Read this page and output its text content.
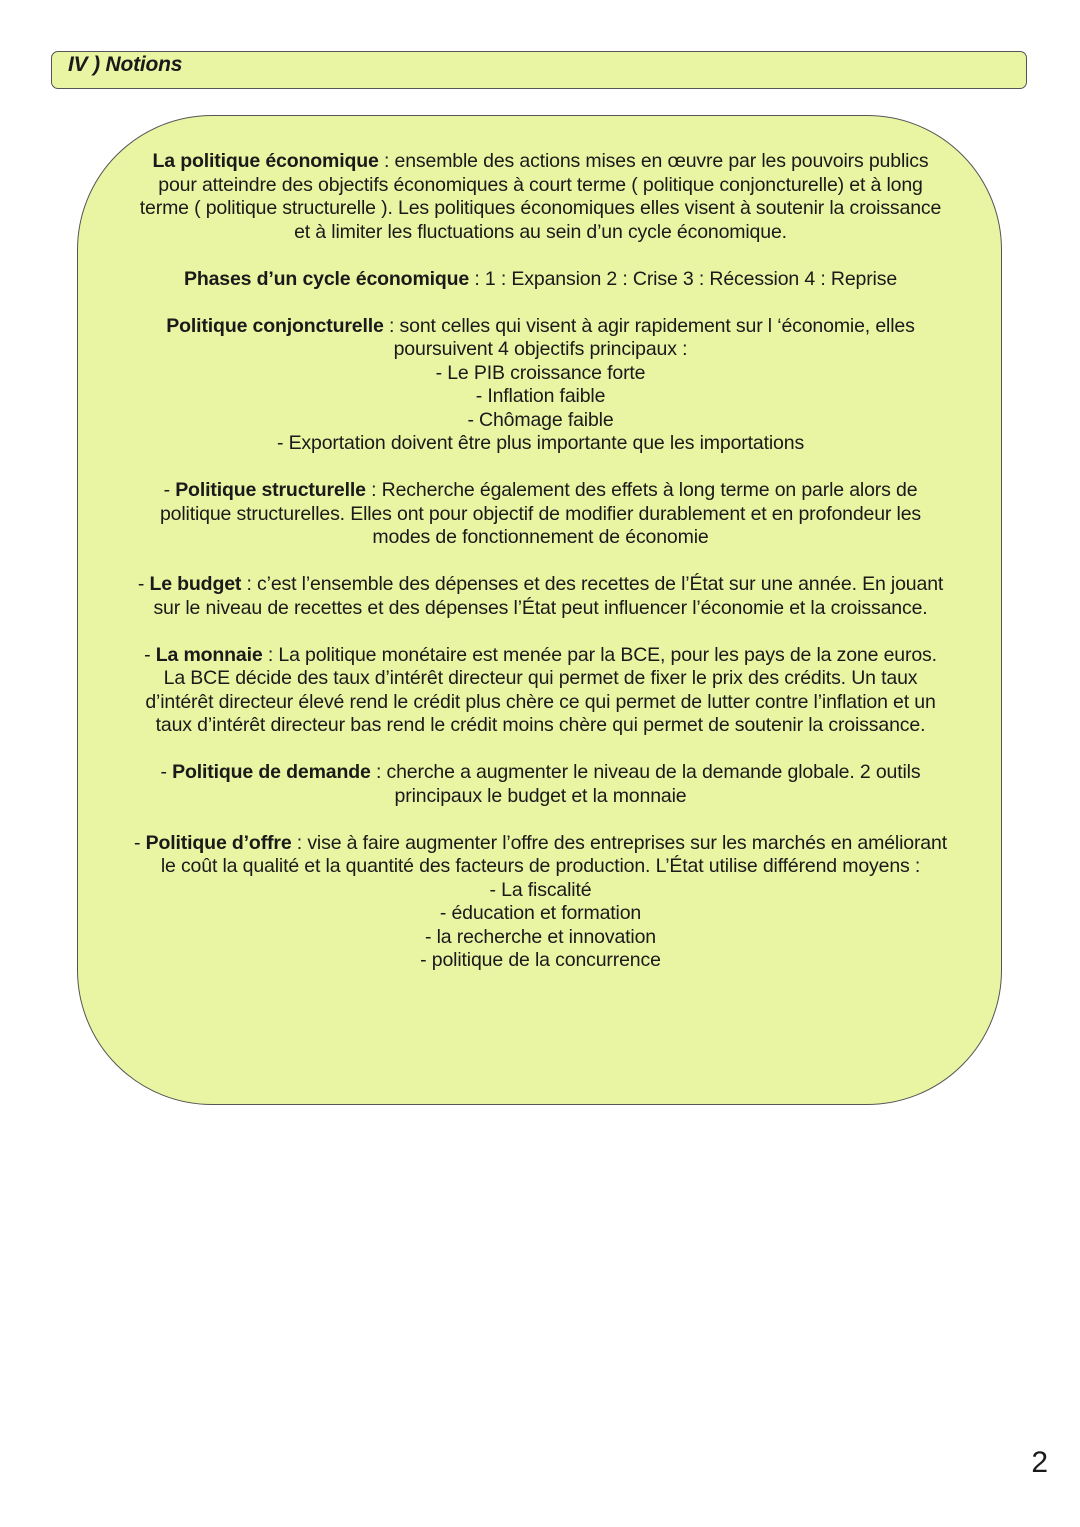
IV ) Notions

La politique économique : ensemble des actions mises en œuvre par les pouvoirs publics pour atteindre des objectifs économiques à court terme ( politique conjoncturelle) et à long terme ( politique structurelle ). Les politiques économiques elles visent à soutenir la croissance et à limiter les fluctuations au sein d’un cycle économique.

Phases d’un cycle économique : 1 : Expansion 2 : Crise 3 : Récession 4 : Reprise

Politique conjoncturelle : sont celles qui visent à agir rapidement sur l ‘économie, elles poursuivent 4 objectifs principaux :
- Le PIB croissance forte
- Inflation faible
- Chômage faible
- Exportation doivent être plus importante que les importations

- Politique structurelle : Recherche également des effets à long terme on parle alors de politique structurelles. Elles ont pour objectif de modifier durablement et en profondeur les modes de fonctionnement de économie

- Le budget : c’est l’ensemble des dépenses et des recettes de l’État sur une année. En jouant sur le niveau de recettes et des dépenses l’État peut influencer l’économie et la croissance.

- La monnaie : La politique monétaire est menée par la BCE, pour les pays de la zone euros. La BCE décide des taux d’intérêt directeur qui permet de fixer le prix des crédits. Un taux d’intérêt directeur élevé rend le crédit plus chère ce qui permet de lutter contre l’inflation et un taux d’intérêt directeur bas rend le crédit moins chère qui permet de soutenir la croissance.

- Politique de demande : cherche a augmenter le niveau de la demande globale. 2 outils principaux le budget et la monnaie

- Politique d’offre : vise à faire augmenter l’offre des entreprises sur les marchés en améliorant le coût la qualité et la quantité des facteurs de production. L’État utilise différend moyens :
- La fiscalité
- éducation et formation
- la recherche et innovation
- politique de la concurrence
2
